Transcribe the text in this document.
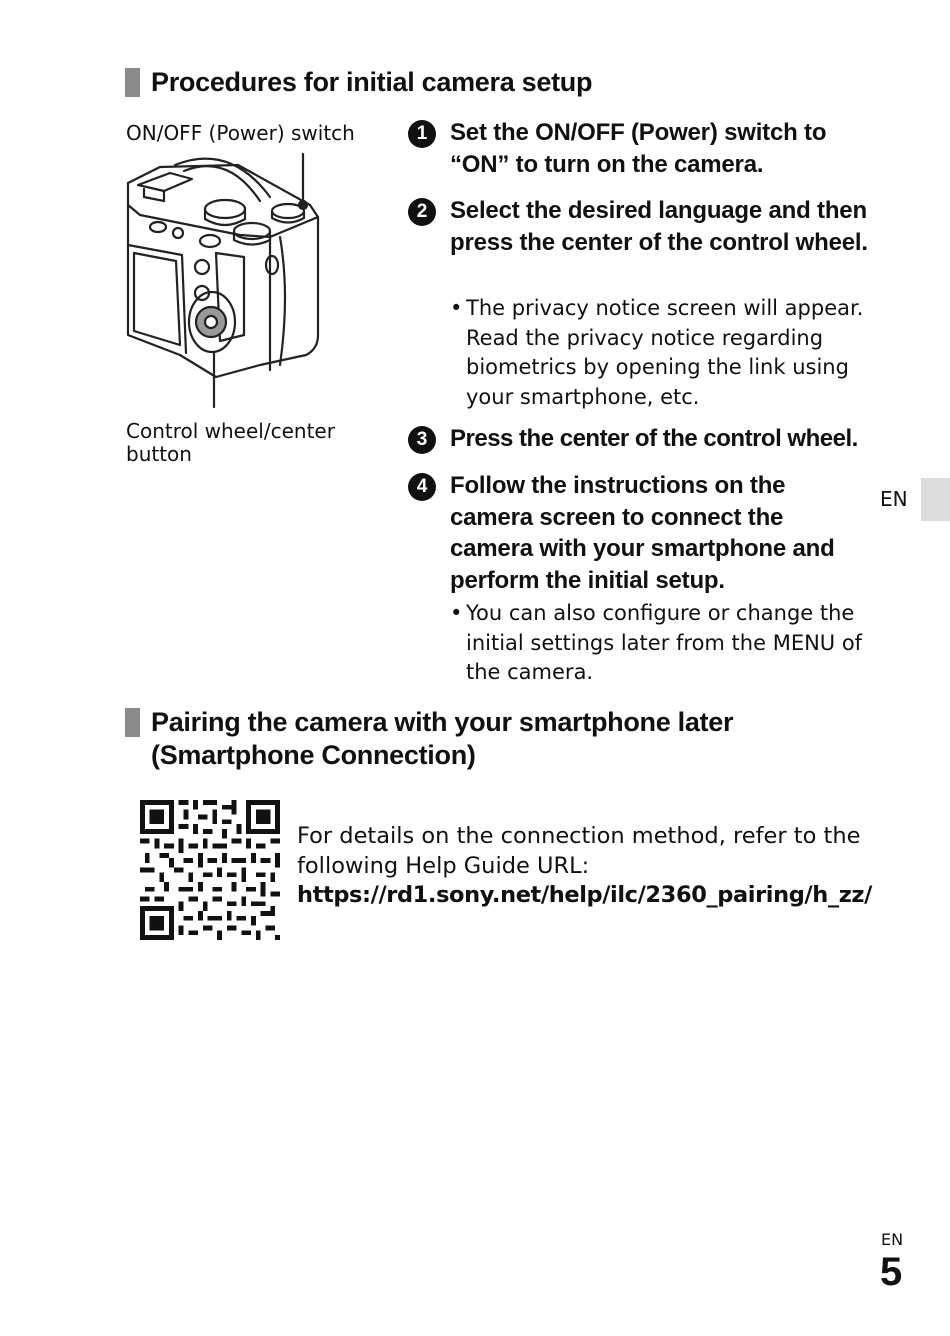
Procedures for initial camera setup
ON/OFF (Power) switch
Control wheel/center
button
1 Set the ON/OFF (Power) switch to “ON” to turn on the camera.
2 Select the desired language and then press the center of the control wheel.
• The privacy notice screen will appear. Read the privacy notice regarding biometrics by opening the link using your smartphone, etc.
3 Press the center of the control wheel.
4 Follow the instructions on the camera screen to connect the camera with your smartphone and perform the initial setup.
• You can also configure or change the initial settings later from the MENU of the camera.
EN
Pairing the camera with your smartphone later
(Smartphone Connection)
For details on the connection method, refer to the following Help Guide URL:
https://rd1.sony.net/help/ilc/2360_pairing/h_zz/
EN
5
